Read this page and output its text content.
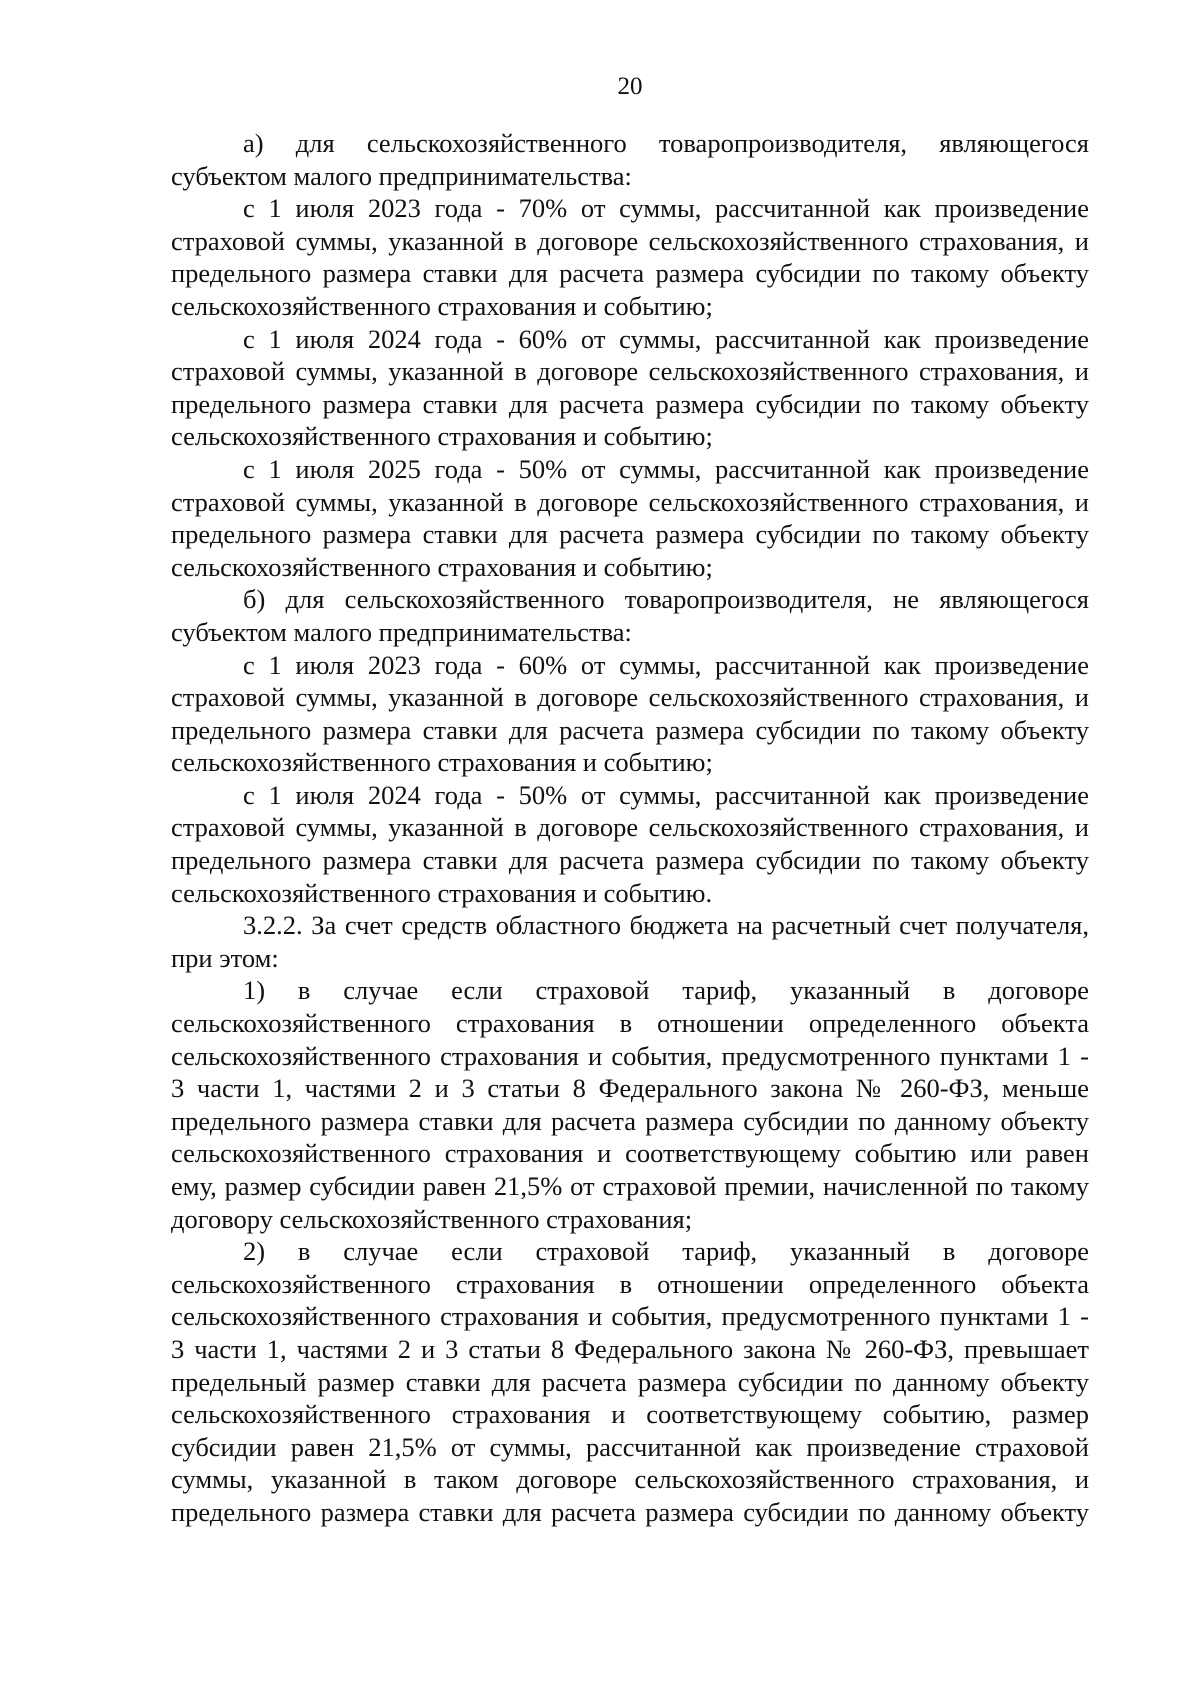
20

а) для сельскохозяйственного товаропроизводителя, являющегося субъектом малого предпринимательства:

с 1 июля 2023 года - 70% от суммы, рассчитанной как произведение страховой суммы, указанной в договоре сельскохозяйственного страхования, и предельного размера ставки для расчета размера субсидии по такому объекту сельскохозяйственного страхования и событию;

с 1 июля 2024 года - 60% от суммы, рассчитанной как произведение страховой суммы, указанной в договоре сельскохозяйственного страхования, и предельного размера ставки для расчета размера субсидии по такому объекту сельскохозяйственного страхования и событию;

с 1 июля 2025 года - 50% от суммы, рассчитанной как произведение страховой суммы, указанной в договоре сельскохозяйственного страхования, и предельного размера ставки для расчета размера субсидии по такому объекту сельскохозяйственного страхования и событию;

б) для сельскохозяйственного товаропроизводителя, не являющегося субъектом малого предпринимательства:

с 1 июля 2023 года - 60% от суммы, рассчитанной как произведение страховой суммы, указанной в договоре сельскохозяйственного страхования, и предельного размера ставки для расчета размера субсидии по такому объекту сельскохозяйственного страхования и событию;

с 1 июля 2024 года - 50% от суммы, рассчитанной как произведение страховой суммы, указанной в договоре сельскохозяйственного страхования, и предельного размера ставки для расчета размера субсидии по такому объекту сельскохозяйственного страхования и событию.

3.2.2. За счет средств областного бюджета на расчетный счет получателя, при этом:

1) в случае если страховой тариф, указанный в договоре сельскохозяйственного страхования в отношении определенного объекта сельскохозяйственного страхования и события, предусмотренного пунктами 1 - 3 части 1, частями 2 и 3 статьи 8 Федерального закона № 260-ФЗ, меньше предельного размера ставки для расчета размера субсидии по данному объекту сельскохозяйственного страхования и соответствующему событию или равен ему, размер субсидии равен 21,5% от страховой премии, начисленной по такому договору сельскохозяйственного страхования;

2) в случае если страховой тариф, указанный в договоре сельскохозяйственного страхования в отношении определенного объекта сельскохозяйственного страхования и события, предусмотренного пунктами 1 - 3 части 1, частями 2 и 3 статьи 8 Федерального закона № 260-ФЗ, превышает предельный размер ставки для расчета размера субсидии по данному объекту сельскохозяйственного страхования и соответствующему событию, размер субсидии равен 21,5% от суммы, рассчитанной как произведение страховой суммы, указанной в таком договоре сельскохозяйственного страхования, и предельного размера ставки для расчета размера субсидии по данному объекту
